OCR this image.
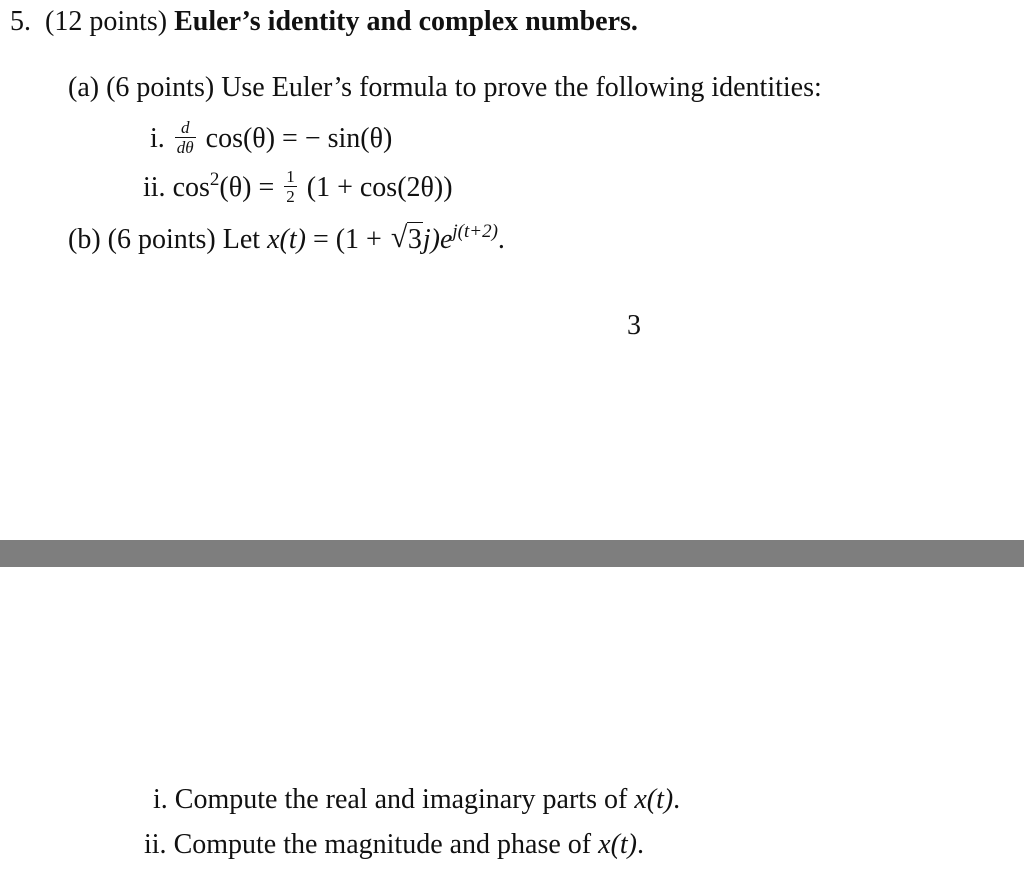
5. (12 points) Euler’s identity and complex numbers.
(a) (6 points) Use Euler’s formula to prove the following identities:
i. $\frac{d}{d\theta} \cos(\theta)$ = − sin(θ)
ii. $\cos^2(\theta) = \frac{1}{2} (1 + \cos(2\theta))$
(b) (6 points) Let x(t) = (1 + √ $3j)e^{j(t+2)}$.
3
i. Compute the real and imaginary parts of x(t).
ii. Compute the magnitude and phase of x(t).
